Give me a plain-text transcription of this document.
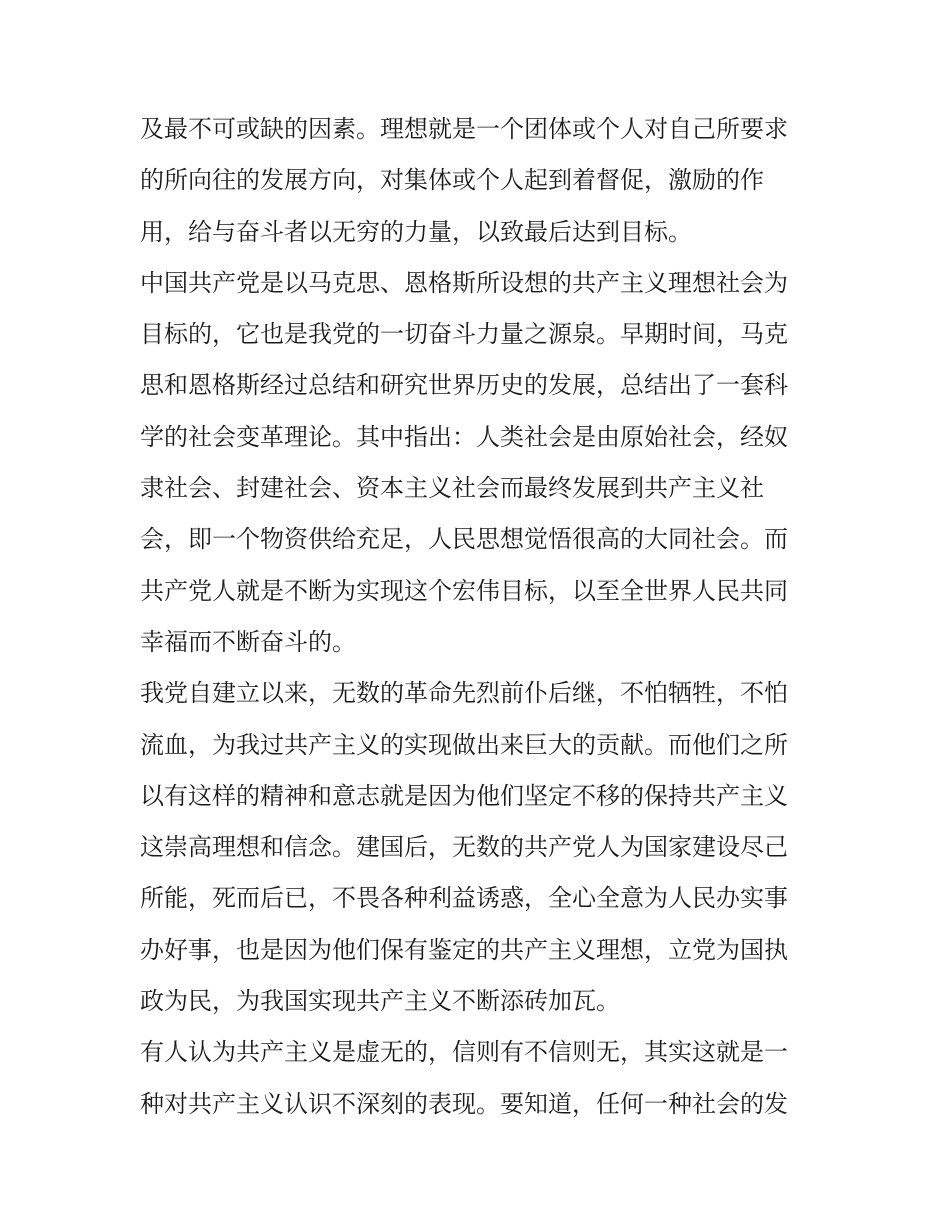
及最不可或缺的因素。理想就是一个团体或个人对自己所要求
的所向往的发展方向，对集体或个人起到着督促，激励的作
用，给与奋斗者以无穷的力量，以致最后达到目标。
中国共产党是以马克思、恩格斯所设想的共产主义理想社会为
目标的，它也是我党的一切奋斗力量之源泉。早期时间，马克
思和恩格斯经过总结和研究世界历史的发展，总结出了一套科
学的社会变革理论。其中指出：人类社会是由原始社会，经奴
隶社会、封建社会、资本主义社会而最终发展到共产主义社
会，即一个物资供给充足，人民思想觉悟很高的大同社会。而
共产党人就是不断为实现这个宏伟目标，以至全世界人民共同
幸福而不断奋斗的。
我党自建立以来，无数的革命先烈前仆后继，不怕牺牲，不怕
流血，为我过共产主义的实现做出来巨大的贡献。而他们之所
以有这样的精神和意志就是因为他们坚定不移的保持共产主义
这崇高理想和信念。建国后，无数的共产党人为国家建设尽己
所能，死而后已，不畏各种利益诱惑，全心全意为人民办实事
办好事，也是因为他们保有鉴定的共产主义理想，立党为国执
政为民，为我国实现共产主义不断添砖加瓦。
有人认为共产主义是虚无的，信则有不信则无，其实这就是一
种对共产主义认识不深刻的表现。要知道，任何一种社会的发
